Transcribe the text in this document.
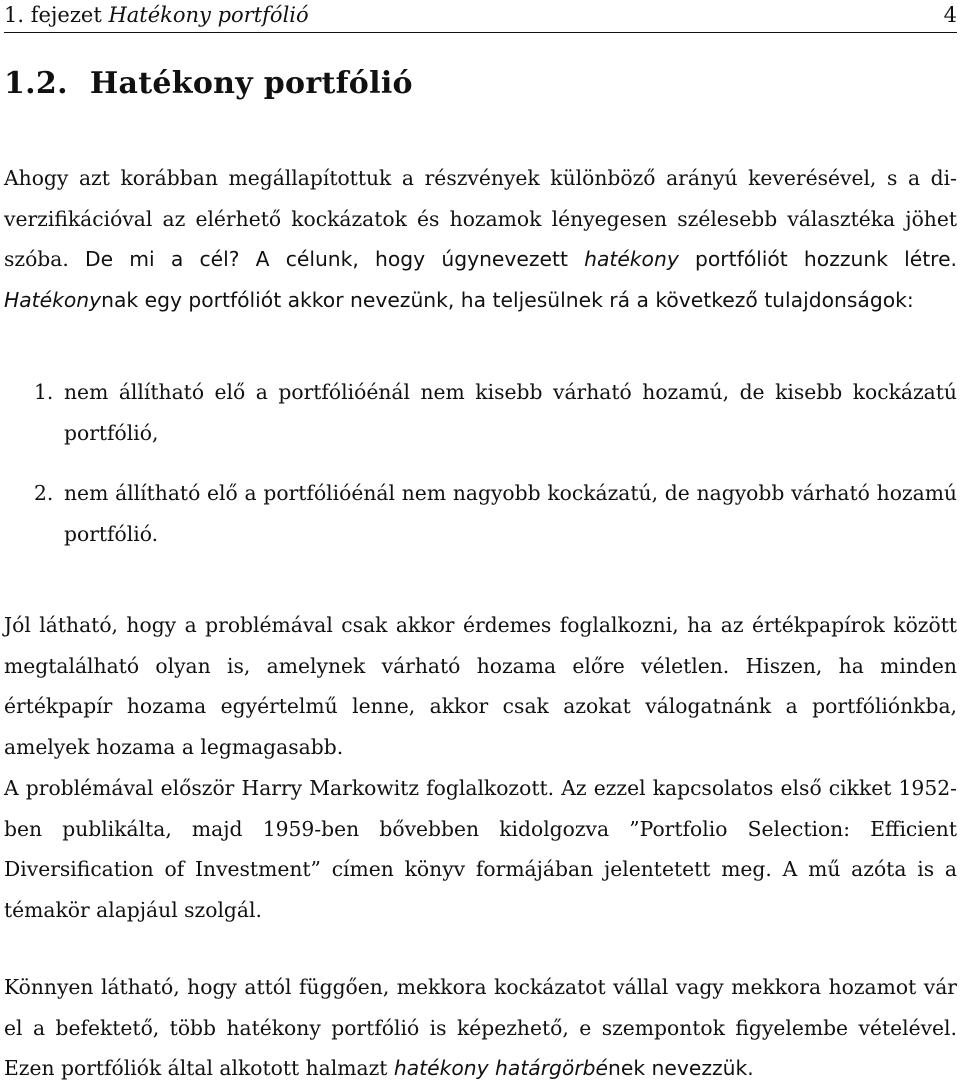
1. fejezet Hatékony portfólió	4
1.2. Hatékony portfólió

Ahogy azt korábban megállapítottuk a részvények különböző arányú keverésével, s a diverzifikációval az elérhető kockázatok és hozamok lényegesen szélesebb választéka jöhet szóba. De mi a cél? A célunk, hogy úgynevezett hatékony portfóliót hozzunk létre. Hatékonynak egy portfóliót akkor nevezünk, ha teljesülnek rá a következő tulajdonságok:

1. nem állítható elő a portfólióénál nem kisebb várható hozamú, de kisebb kockázatú portfólió,
2. nem állítható elő a portfólióénál nem nagyobb kockázatú, de nagyobb várható hozamú portfólió.

Jól látható, hogy a problémával csak akkor érdemes foglalkozni, ha az értékpapírok között megtalálható olyan is, amelynek várható hozama előre véletlen. Hiszen, ha minden értékpapír hozama egyértelmű lenne, akkor csak azokat válogatnánk a portfóliónkba, amelyek hozama a legmagasabb.

A problémával először Harry Markowitz foglalkozott. Az ezzel kapcsolatos első cikket 1952-ben publikálta, majd 1959-ben bővebben kidolgozva ”Portfolio Selection: Efficient Diversification of Investment” címen könyv formájában jelentetett meg. A mű azóta is a témakör alapjául szolgál.

Könnyen látható, hogy attól függően, mekkora kockázatot vállal vagy mekkora hozamot vár el a befektető, több hatékony portfólió is képezhető, e szempontok figyelembe vételével. Ezen portfóliók által alkotott halmazt hatékony határgörbének nevezzük.
